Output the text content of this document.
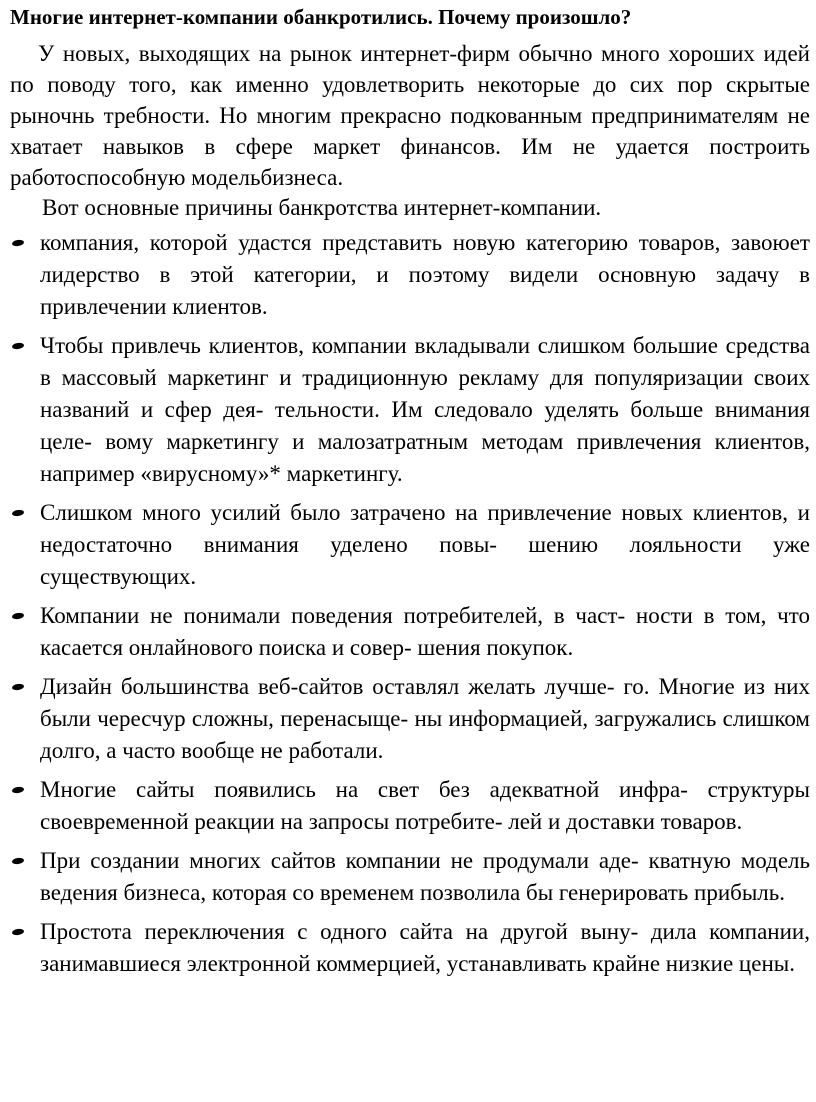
Многие интернет-компании обанкротились. Почему произошло?

У новых, выходящих на рынок интернет-фирм обычно много хороших идей по поводу того, как именно удовлетворить некоторые до сих пор скрытые рыночнь требности. Но многим прекрасно подкованным предпринимателям не хватает навыков в сфере маркет финансов. Им не удается построить работоспособную модельбизнеса.

Вот основные причины банкротства интернет-компании.

компания, которой удастся представить новую категорию товаров, завоюет лидерство в этой категории, и поэтому видели основную задачу в привлечении клиентов.
Чтобы привлечь клиентов, компании вкладывали слишком большие средства в массовый маркетинг и традиционную рекламу для популяризации своих названий и сфер дея- тельности. Им следовало уделять больше внимания целе- вому маркетингу и малозатратным методам привлечения клиентов, например «вирусному»* маркетингу.
Слишком много усилий было затрачено на привлечение новых клиентов, и недостаточно внимания уделено повы- шению лояльности уже существующих.
Компании не понимали поведения потребителей, в част- ности в том, что касается онлайнового поиска и совер- шения покупок.
Дизайн большинства веб-сайтов оставлял желать лучше- го. Многие из них были чересчур сложны, перенасыще- ны информацией, загружались слишком долго, а часто вообще не работали.
Многие сайты появились на свет без адекватной инфра- структуры своевременной реакции на запросы потребите- лей и доставки товаров.
При создании многих сайтов компании не продумали аде- кватную модель ведения бизнеса, которая со временем позволила бы генерировать прибыль.
Простота переключения с одного сайта на другой выну- дила компании, занимавшиеся электронной коммерцией, устанавливать крайне низкие цены.
